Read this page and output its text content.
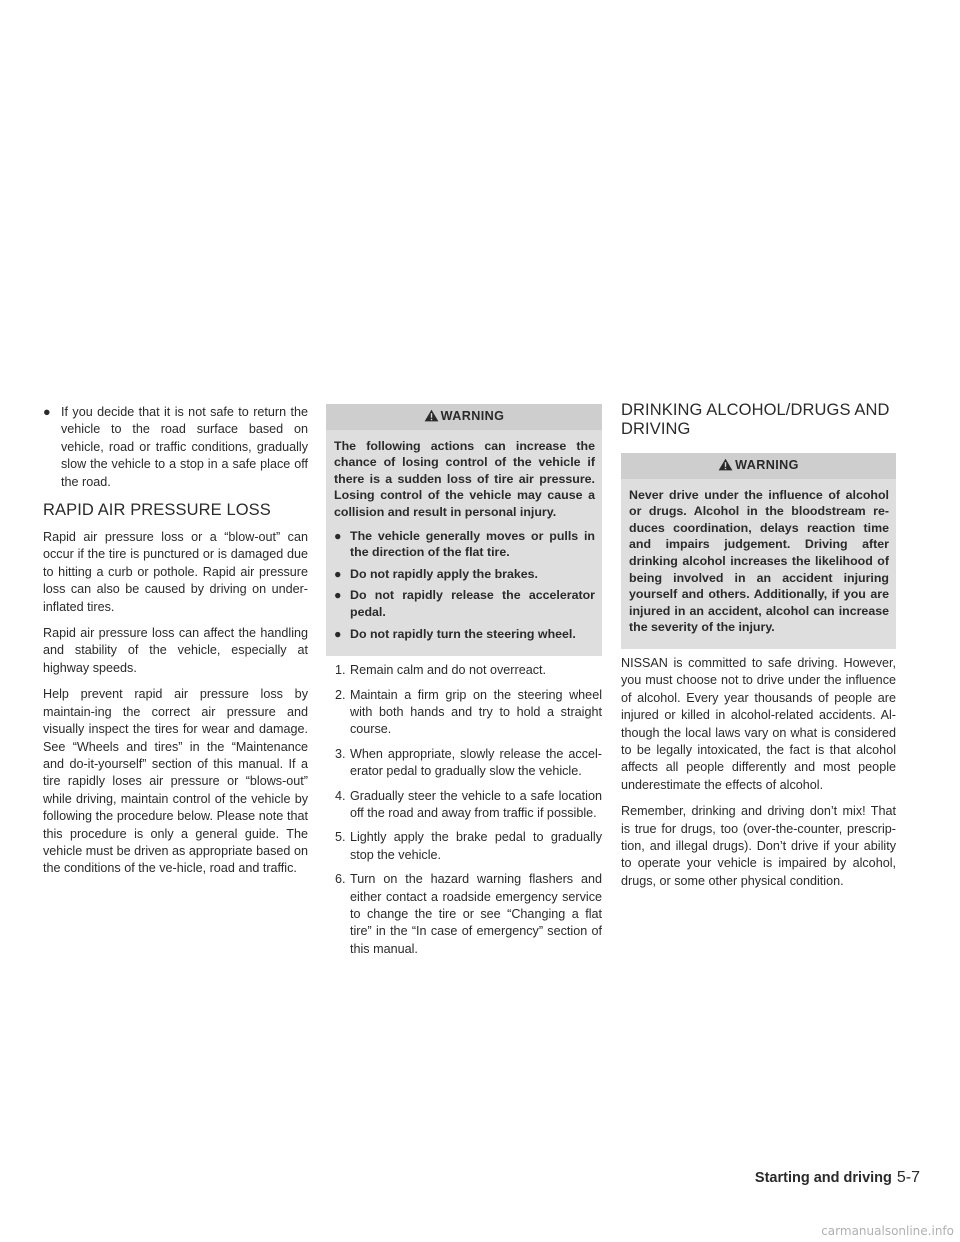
● If you decide that it is not safe to return the vehicle to the road surface based on vehicle, road or traffic conditions, gradually slow the vehicle to a stop in a safe place off the road.
RAPID AIR PRESSURE LOSS

Rapid air pressure loss or a “blow-out” can occur if the tire is punctured or is damaged due to hitting a curb or pothole. Rapid air pressure loss can also be caused by driving on under-inflated tires.

Rapid air pressure loss can affect the handling and stability of the vehicle, especially at highway speeds.

Help prevent rapid air pressure loss by maintain-ing the correct air pressure and visually inspect the tires for wear and damage. See “Wheels and tires” in the “Maintenance and do-it-yourself” section of this manual. If a tire rapidly loses air pressure or “blows-out” while driving, maintain control of the vehicle by following the procedure below. Please note that this procedure is only a general guide. The vehicle must be driven as appropriate based on the conditions of the ve-hicle, road and traffic.

WARNING

The following actions can increase the chance of losing control of the vehicle if there is a sudden loss of tire air pressure. Losing control of the vehicle may cause a collision and result in personal injury.

● The vehicle generally moves or pulls in the direction of the flat tire.
● Do not rapidly apply the brakes.
● Do not rapidly release the accelerator pedal.
● Do not rapidly turn the steering wheel.
1. Remain calm and do not overreact.
2. Maintain a firm grip on the steering wheel with both hands and try to hold a straight course.
3. When appropriate, slowly release the accel-erator pedal to gradually slow the vehicle.
4. Gradually steer the vehicle to a safe location off the road and away from traffic if possible.
5. Lightly apply the brake pedal to gradually stop the vehicle.
6. Turn on the hazard warning flashers and either contact a roadside emergency service to change the tire or see “Changing a flat tire” in the “In case of emergency” section of this manual.
DRINKING ALCOHOL/DRUGS AND DRIVING
WARNING

Never drive under the influence of alcohol or drugs. Alcohol in the bloodstream re-duces coordination, delays reaction time and impairs judgement. Driving after drinking alcohol increases the likelihood of being involved in an accident injuring yourself and others. Additionally, if you are injured in an accident, alcohol can increase the severity of the injury.

NISSAN is committed to safe driving. However, you must choose not to drive under the influence of alcohol. Every year thousands of people are injured or killed in alcohol-related accidents. Al-though the local laws vary on what is considered to be legally intoxicated, the fact is that alcohol affects all people differently and most people underestimate the effects of alcohol.

Remember, drinking and driving don’t mix! That is true for drugs, too (over-the-counter, prescrip-tion, and illegal drugs). Don’t drive if your ability to operate your vehicle is impaired by alcohol, drugs, or some other physical condition.

Starting and driving 5-7
carmanualsonline.info
